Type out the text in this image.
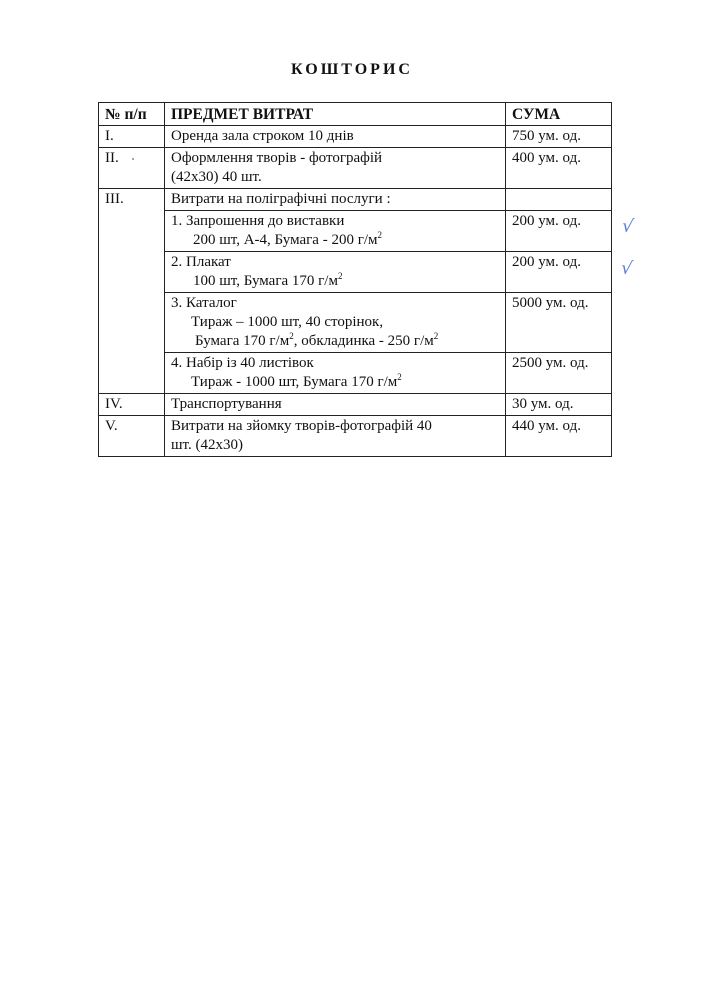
КОШТОРИС
№ п/п	ПРЕДМЕТ ВИТРАТ	СУМА
I.	Оренда зала строком 10 днів	750 ум. од.
II.	Оформлення творів - фотографій
(42х30) 40 шт.	400 ум. од.
III.	Витрати на поліграфічні послуги :	

	1. Запрошення до виставки
200 шт, А-4, Бумага - 200 $г/м^2$	200 ум. од.

	2. Плакат
100 шт, Бумага 170 $г/м^2$	200 ум. од.

	3. Каталог
Тираж – 1000 шт, 40 сторінок,
Бумага 170 $г/м^2$, обкладинка - 250 $г/м^2$	5000 ум. од.

	4. Набір із 40 листівок
Тираж - 1000 шт, Бумага 170 $г/м^2$	2500 ум. од.
IV.	Транспортування	30 ум. од.
V.	Витрати на зйомку творів-фотографій 40
шт. (42х30)	440 ум. од.
√
√
